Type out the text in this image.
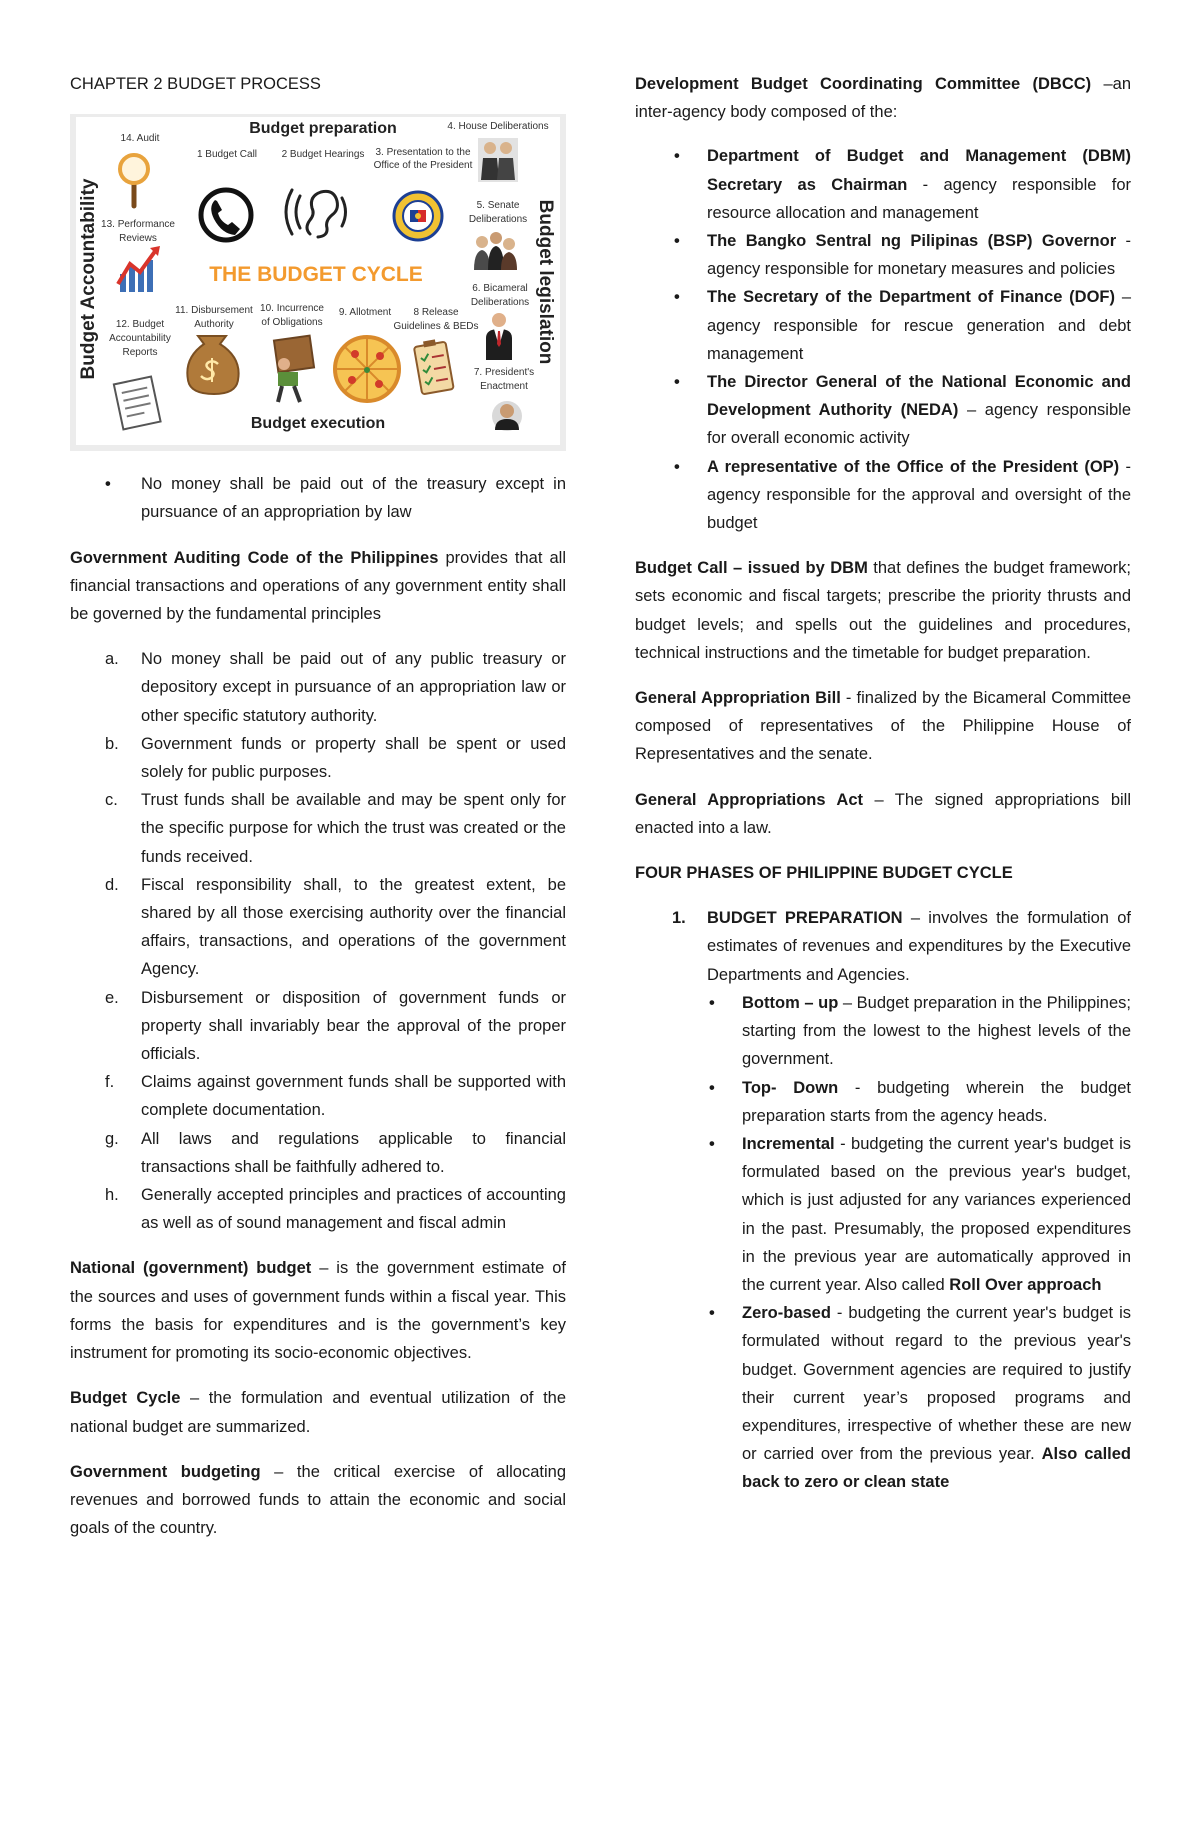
CHAPTER 2 BUDGET PROCESS
Budget preparation
Budget execution
Budget Accountability	Budget legislation
THE BUDGET CYCLE
1 Budget Call 2 Budget Hearings 3. Presentation to the
Office of the President
4. House Deliberations
5. Senate
Deliberations
6. Bicameral
Deliberations
7. President's
Enactment
8 Release
Guidelines & BEDs
9. Allotment
10. Incurrence
of Obligations
11. Disbursement
Authority
12. Budget
Accountability
Reports
13. Performance
Reviews
14. Audit
• No money shall be paid out of the treasury except in pursuance of an appropriation by law

Government Auditing Code of the Philippines provides that all financial transactions and operations of any government entity shall be governed by the fundamental principles

a. No money shall be paid out of any public treasury or depository except in pursuance of an appropriation law or other specific statutory authority.
b. Government funds or property shall be spent or used solely for public purposes.
c. Trust funds shall be available and may be spent only for the specific purpose for which the trust was created or the funds received.
d. Fiscal responsibility shall, to the greatest extent, be shared by all those exercising authority over the financial affairs, transactions, and operations of the government Agency.
e. Disbursement or disposition of government funds or property shall invariably bear the approval of the proper officials.
f. Claims against government funds shall be supported with complete documentation.
g. All laws and regulations applicable to financial transactions shall be faithfully adhered to.
h. Generally accepted principles and practices of accounting as well as of sound management and fiscal admin

National (government) budget – is the government estimate of the sources and uses of government funds within a fiscal year. This forms the basis for expenditures and is the government’s key instrument for promoting its socio-economic objectives.

Budget Cycle – the formulation and eventual utilization of the national budget are summarized.

Government budgeting – the critical exercise of allocating revenues and borrowed funds to attain the economic and social goals of the country.

Development Budget Coordinating Committee (DBCC) –an inter-agency body composed of the:

• Department of Budget and Management (DBM) Secretary as Chairman - agency responsible for resource allocation and management
• The Bangko Sentral ng Pilipinas (BSP) Governor - agency responsible for monetary measures and policies
• The Secretary of the Department of Finance (DOF) – agency responsible for rescue generation and debt management
• The Director General of the National Economic and Development Authority (NEDA) – agency responsible for overall economic activity
• A representative of the Office of the President (OP) - agency responsible for the approval and oversight of the budget

Budget Call – issued by DBM that defines the budget framework; sets economic and fiscal targets; prescribe the priority thrusts and budget levels; and spells out the guidelines and procedures, technical instructions and the timetable for budget preparation.

General Appropriation Bill - finalized by the Bicameral Committee composed of representatives of the Philippine House of Representatives and the senate.

General Appropriations Act – The signed appropriations bill enacted into a law.

FOUR PHASES OF PHILIPPINE BUDGET CYCLE

1. BUDGET PREPARATION – involves the formulation of estimates of revenues and expenditures by the Executive Departments and Agencies.
• Bottom – up – Budget preparation in the Philippines; starting from the lowest to the highest levels of the government.
• Top- Down - budgeting wherein the budget preparation starts from the agency heads.
• Incremental - budgeting the current year's budget is formulated based on the previous year's budget, which is just adjusted for any variances experienced in the past. Presumably, the proposed expenditures in the previous year are automatically approved in the current year. Also called Roll Over approach
• Zero-based - budgeting the current year's budget is formulated without regard to the previous year's budget. Government agencies are required to justify their current year’s proposed programs and expenditures, irrespective of whether these are new or carried over from the previous year. Also called back to zero or clean state
